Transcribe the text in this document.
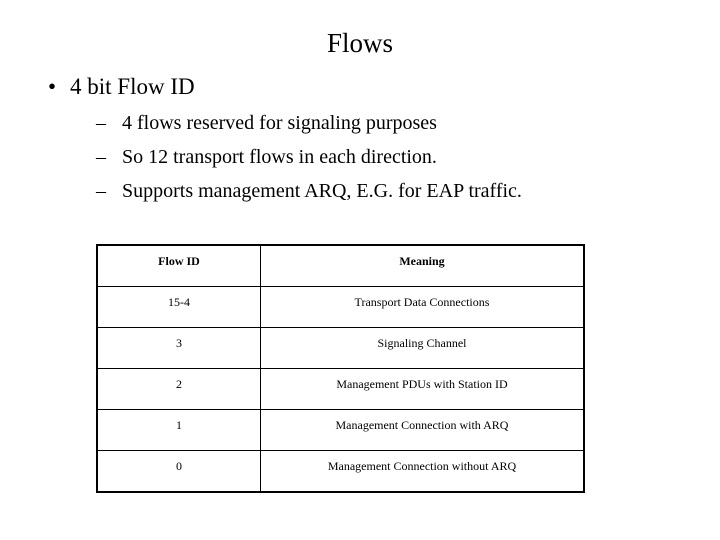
Flows
• 4 bit Flow ID
– 4 flows reserved for signaling purposes
– So 12 transport flows in each direction.
– Supports management ARQ, E.G. for EAP traffic.
Flow ID	Meaning

15-4	Transport Data Connections

3	Signaling Channel

2	Management PDUs with Station ID

1	Management Connection with ARQ

0	Management Connection without ARQ
